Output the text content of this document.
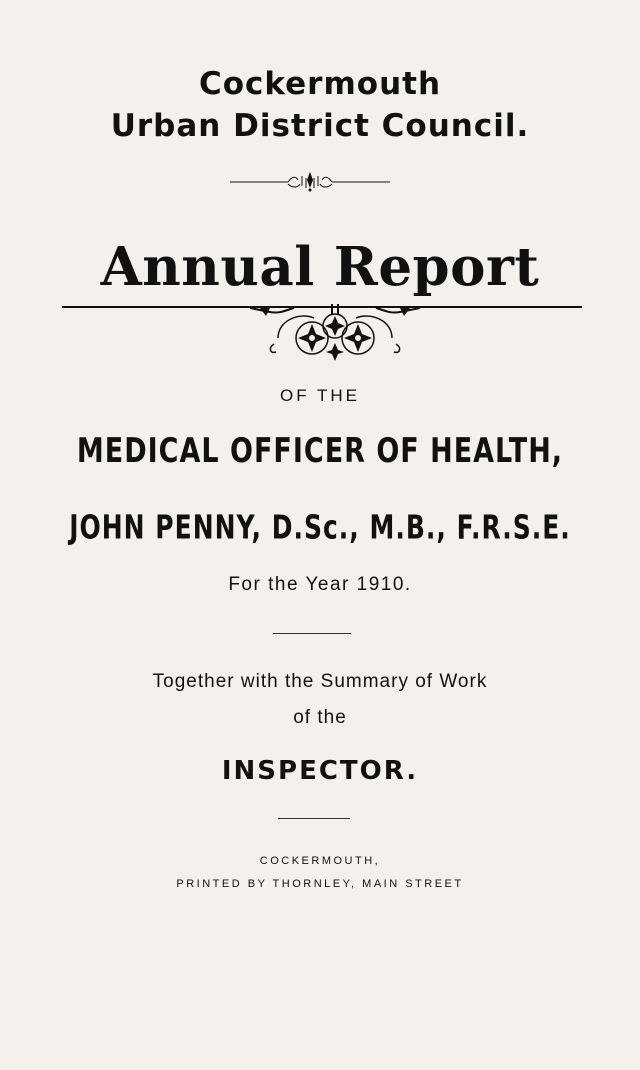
Cockermouth
Urban District Council.
Annual Report
OF THE
MEDICAL OFFICER OF HEALTH,
JOHN PENNY, D.Sc., M.B., F.R.S.E.
For the Year 1910.
Together with the Summary of Work
of the
INSPECTOR.
COCKERMOUTH,
PRINTED BY THORNLEY, MAIN STREET
